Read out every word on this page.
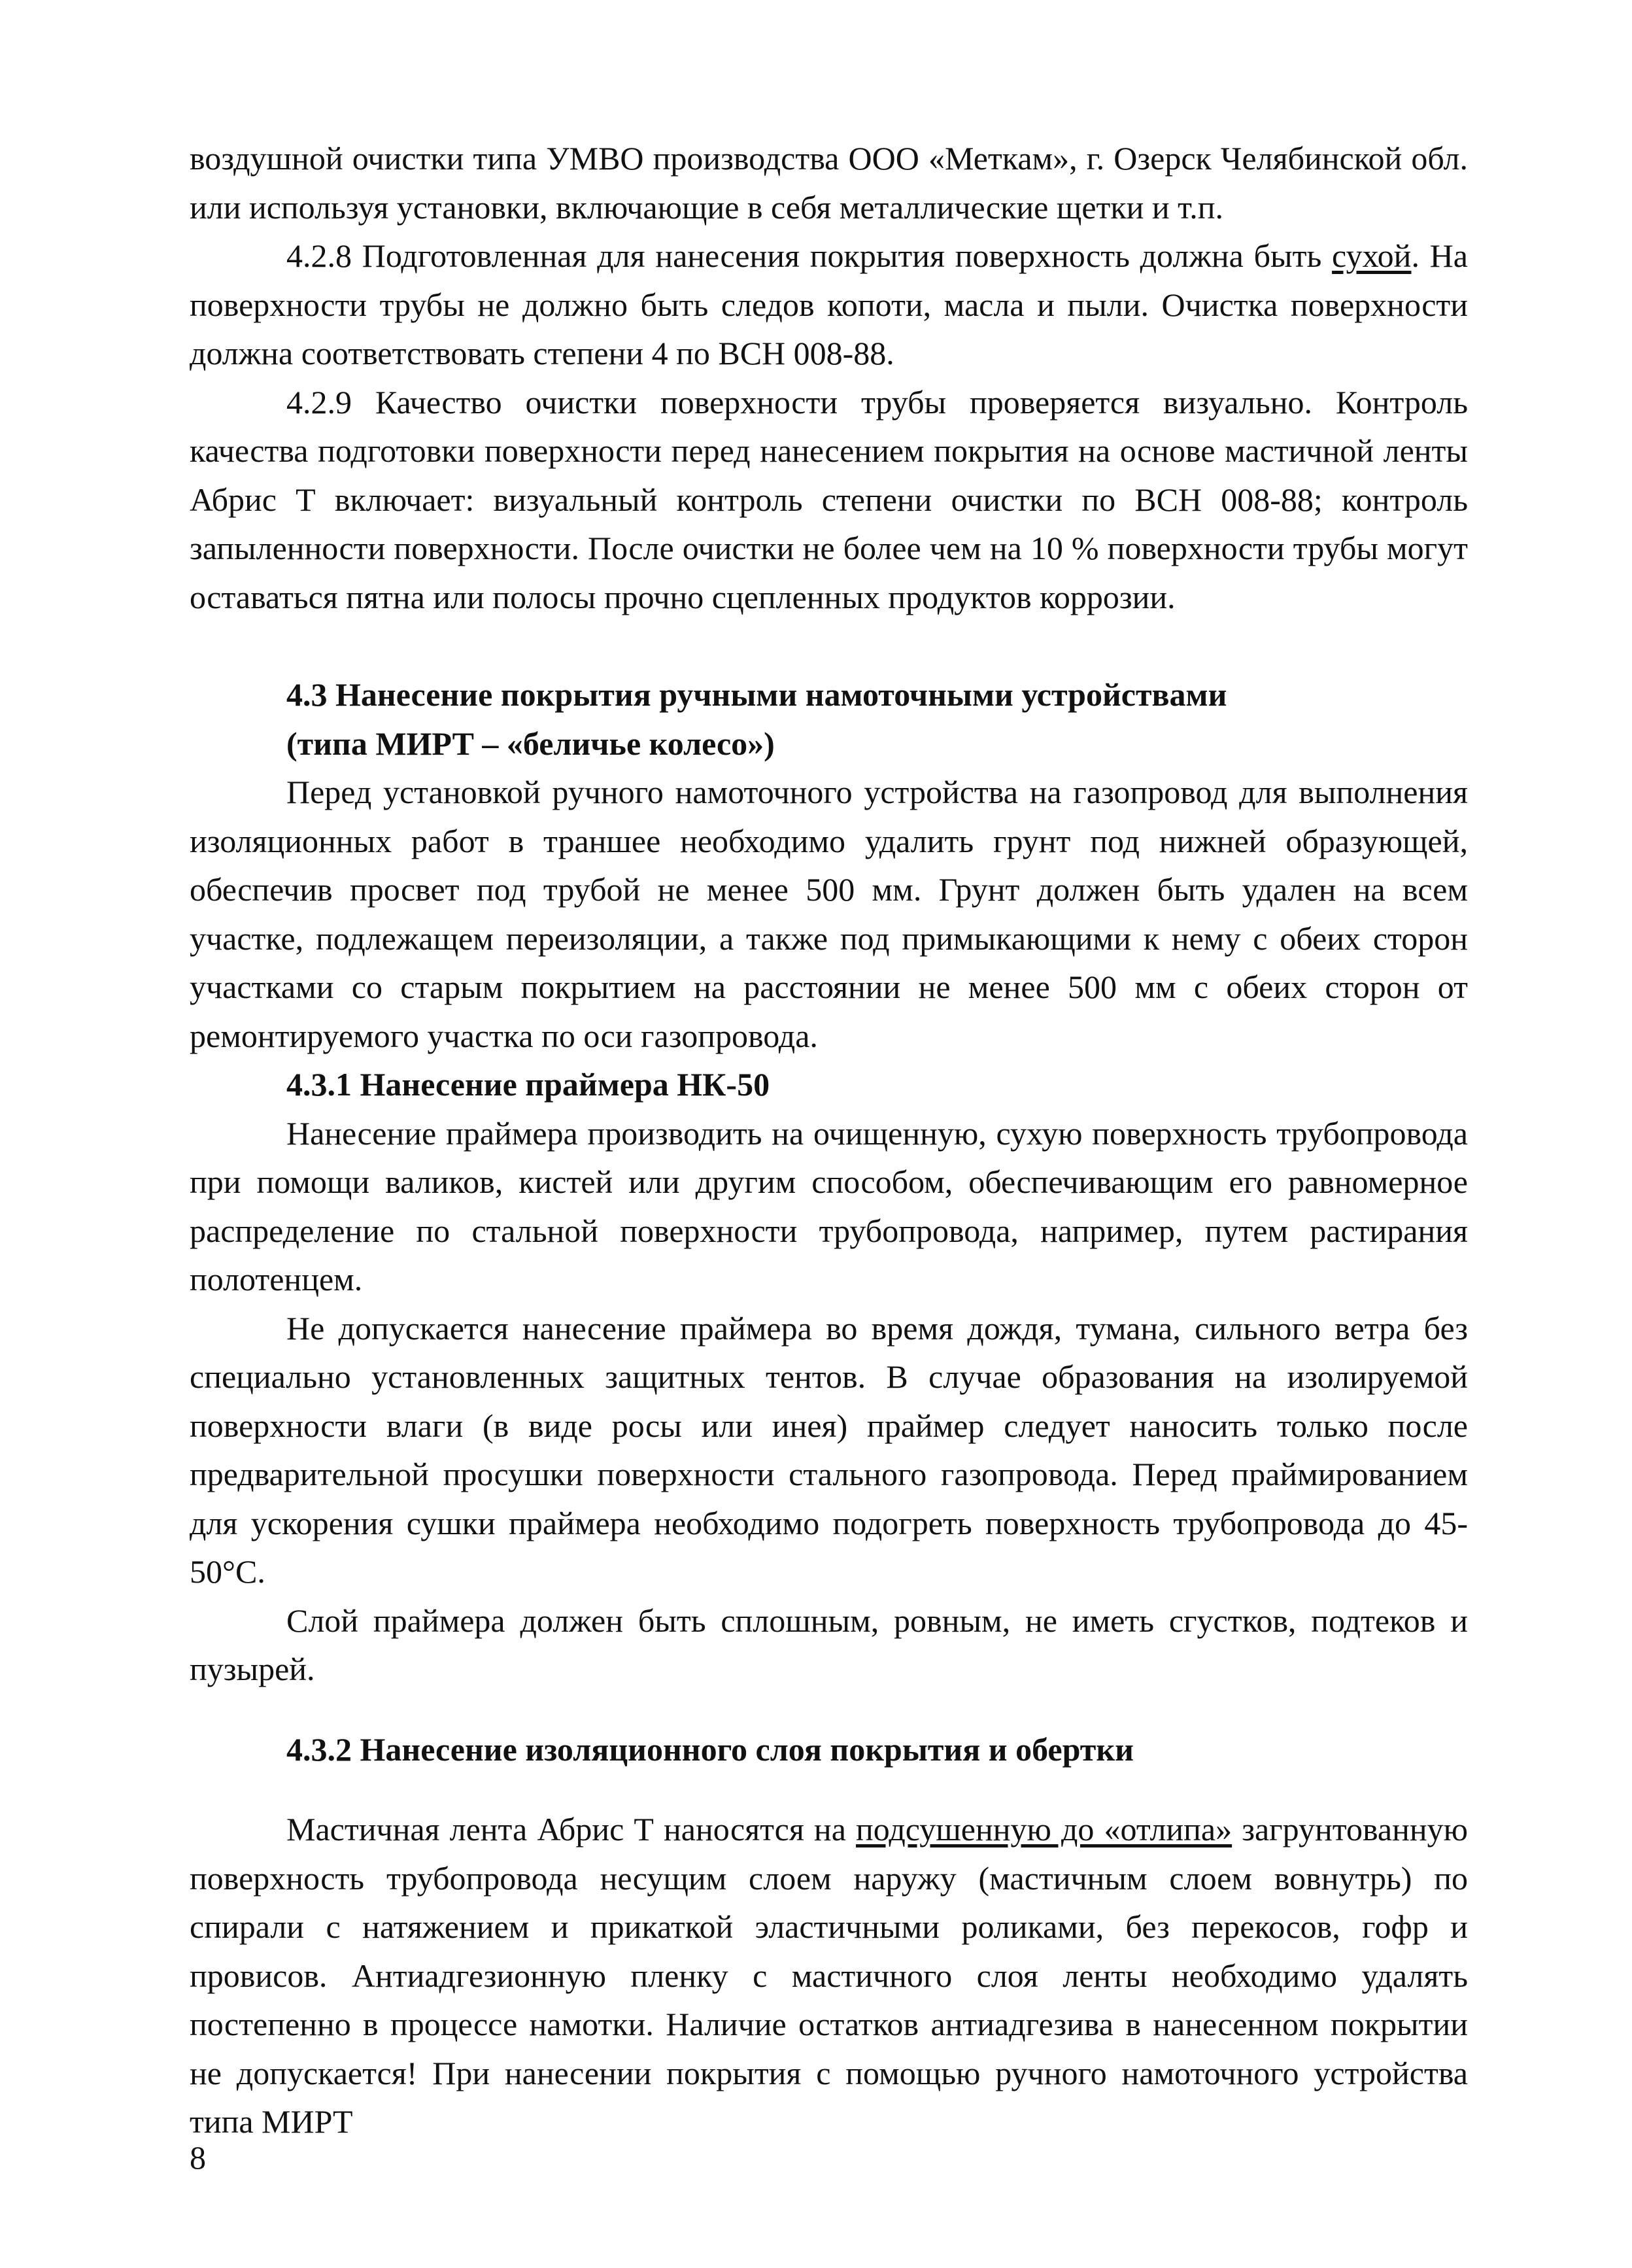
воздушной очистки типа УМВО производства ООО «Меткам», г. Озерск Челябинской обл. или используя установки, включающие в себя металлические щетки и т.п.

4.2.8 Подготовленная для нанесения покрытия поверхность должна быть сухой. На поверхности трубы не должно быть следов копоти, масла и пыли. Очистка поверхности должна соответствовать степени 4 по ВСН 008-88.

4.2.9 Качество очистки поверхности трубы проверяется визуально. Контроль качества подготовки поверхности перед нанесением покрытия на основе мастичной ленты Абрис Т включает: визуальный контроль степени очистки по ВСН 008-88; контроль запыленности поверхности. После очистки не более чем на 10 % поверхности трубы могут оставаться пятна или полосы прочно сцепленных продуктов коррозии.

4.3 Нанесение покрытия ручными намоточными устройствами

(типа МИРТ – «беличье колесо»)

Перед установкой ручного намоточного устройства на газопровод для выполнения изоляционных работ в траншее необходимо удалить грунт под нижней образующей, обеспечив просвет под трубой не менее 500 мм. Грунт должен быть удален на всем участке, подлежащем переизоляции, а также под примыкающими к нему с обеих сторон участками со старым покрытием на расстоянии не менее 500 мм с обеих сторон от ремонтируемого участка по оси газопровода.

4.3.1 Нанесение праймера НК-50

Нанесение праймера производить на очищенную, сухую поверхность трубопровода при помощи валиков, кистей или другим способом, обеспечивающим его равномерное распределение по стальной поверхности трубопровода, например, путем растирания полотенцем.

Не допускается нанесение праймера во время дождя, тумана, сильного ветра без специально установленных защитных тентов. В случае образования на изолируемой поверхности влаги (в виде росы или инея) праймер следует наносить только после предварительной просушки поверхности стального газопровода. Перед праймированием для ускорения сушки праймера необходимо подогреть поверхность трубопровода до 45-50°С.

Слой праймера должен быть сплошным, ровным, не иметь сгустков, подтеков и пузырей.

4.3.2 Нанесение изоляционного слоя покрытия и обертки

Мастичная лента Абрис Т наносятся на подсушенную до «отлипа» загрунтованную поверхность трубопровода несущим слоем наружу (мастичным слоем вовнутрь) по спирали с натяжением и прикаткой эластичными роликами, без перекосов, гофр и провисов. Антиадгезионную пленку с мастичного слоя ленты необходимо удалять постепенно в процессе намотки. Наличие остатков антиадгезива в нанесенном покрытии не допускается! При нанесении покрытия с помощью ручного намоточного устройства типа МИРТ

8
